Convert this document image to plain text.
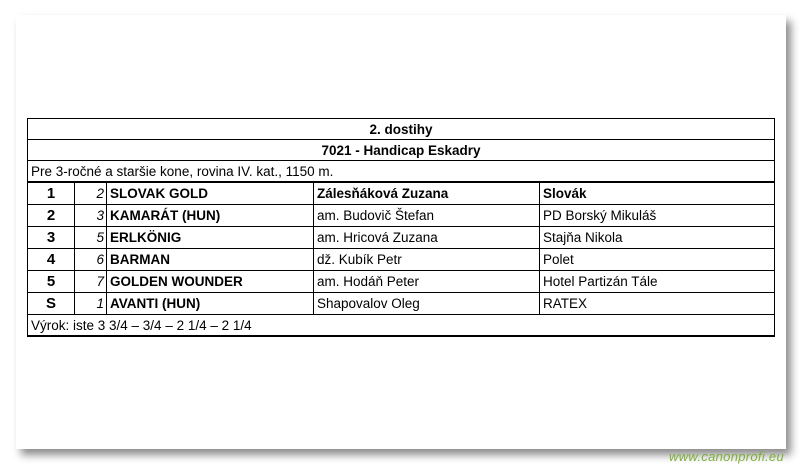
2. dostihy				
7021 - Handicap Eskadry				
Pre 3-ročné a staršie kone, rovina IV. kat., 1150 m.				
1	2	SLOVAK GOLD	Zálesňáková Zuzana	Slovák
2	3	KAMARÁT (HUN)	am. Budovič Štefan	PD Borský Mikuláš
3	5	ERLKÖNIG	am. Hricová Zuzana	Stajňa Nikola
4	6	BARMAN	dž. Kubík Petr	Polet
5	7	GOLDEN WOUNDER	am. Hodáň Peter	Hotel Partizán Tále
S	1	AVANTI (HUN)	Shapovalov Oleg	RATEX
Výrok: iste 3 3/4 – 3/4 – 2 1/4 – 2 1/4				
www.canonprofi.eu
